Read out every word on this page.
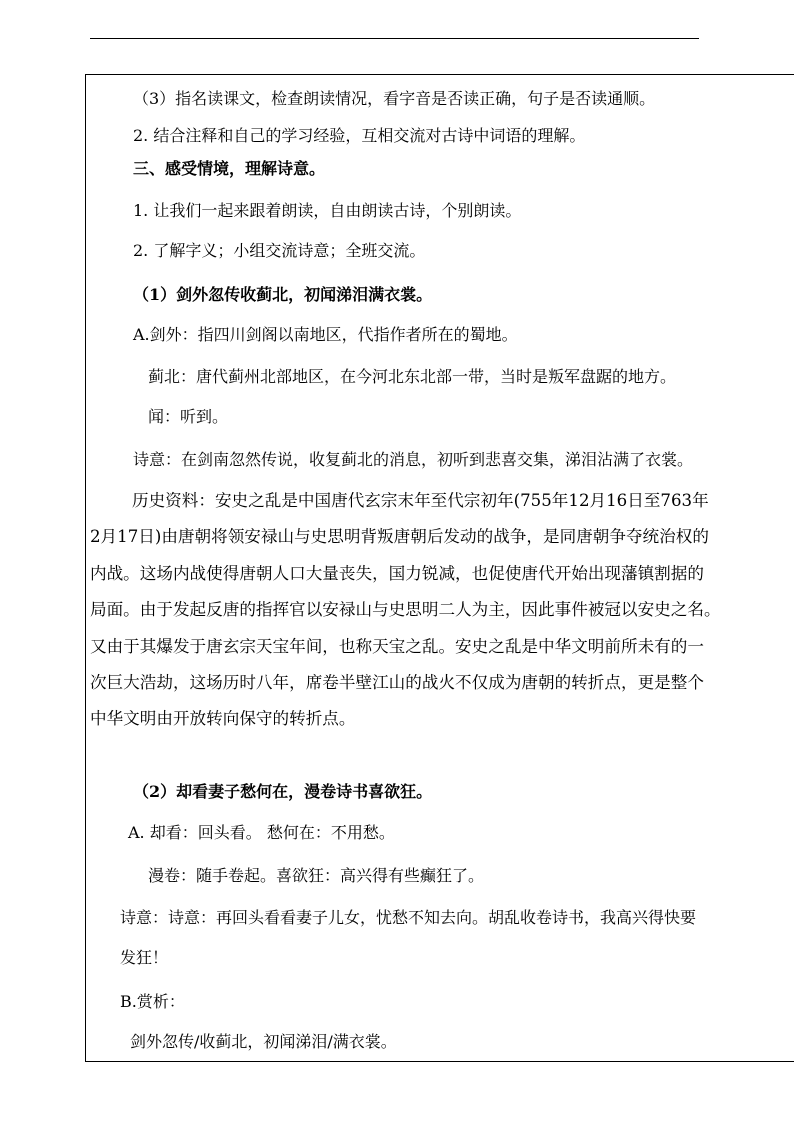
（3）指名读课文，检查朗读情况，看字音是否读正确，句子是否读通顺。
2. 结合注释和自己的学习经验，互相交流对古诗中词语的理解。
三、感受情境，理解诗意。
1. 让我们一起来跟着朗读，自由朗读古诗，个别朗读。
2. 了解字义；小组交流诗意；全班交流。
（1）剑外忽传收蓟北，初闻涕泪满衣裳。
A.剑外：指四川剑阁以南地区，代指作者所在的蜀地。
蓟北：唐代蓟州北部地区，在今河北东北部一带，当时是叛军盘踞的地方。
闻：听到。
诗意：在剑南忽然传说，收复蓟北的消息，初听到悲喜交集，涕泪沾满了衣裳。
历史资料：安史之乱是中国唐代玄宗末年至代宗初年(755年12月16日至763年
2月17日)由唐朝将领安禄山与史思明背叛唐朝后发动的战争，是同唐朝争夺统治权的
内战。这场内战使得唐朝人口大量丧失，国力锐减，也促使唐代开始出现藩镇割据的
局面。由于发起反唐的指挥官以安禄山与史思明二人为主，因此事件被冠以安史之名。
又由于其爆发于唐玄宗天宝年间，也称天宝之乱。安史之乱是中华文明前所未有的一
次巨大浩劫，这场历时八年，席卷半壁江山的战火不仅成为唐朝的转折点，更是整个
中华文明由开放转向保守的转折点。
（2）却看妻子愁何在，漫卷诗书喜欲狂。
A. 却看：回头看。 愁何在：不用愁。
漫卷：随手卷起。喜欲狂：高兴得有些癫狂了。
诗意：诗意：再回头看看妻子儿女，忧愁不知去向。胡乱收卷诗书，我高兴得快要
发狂！
B.赏析：
剑外忽传/收蓟北，初闻涕泪/满衣裳。
